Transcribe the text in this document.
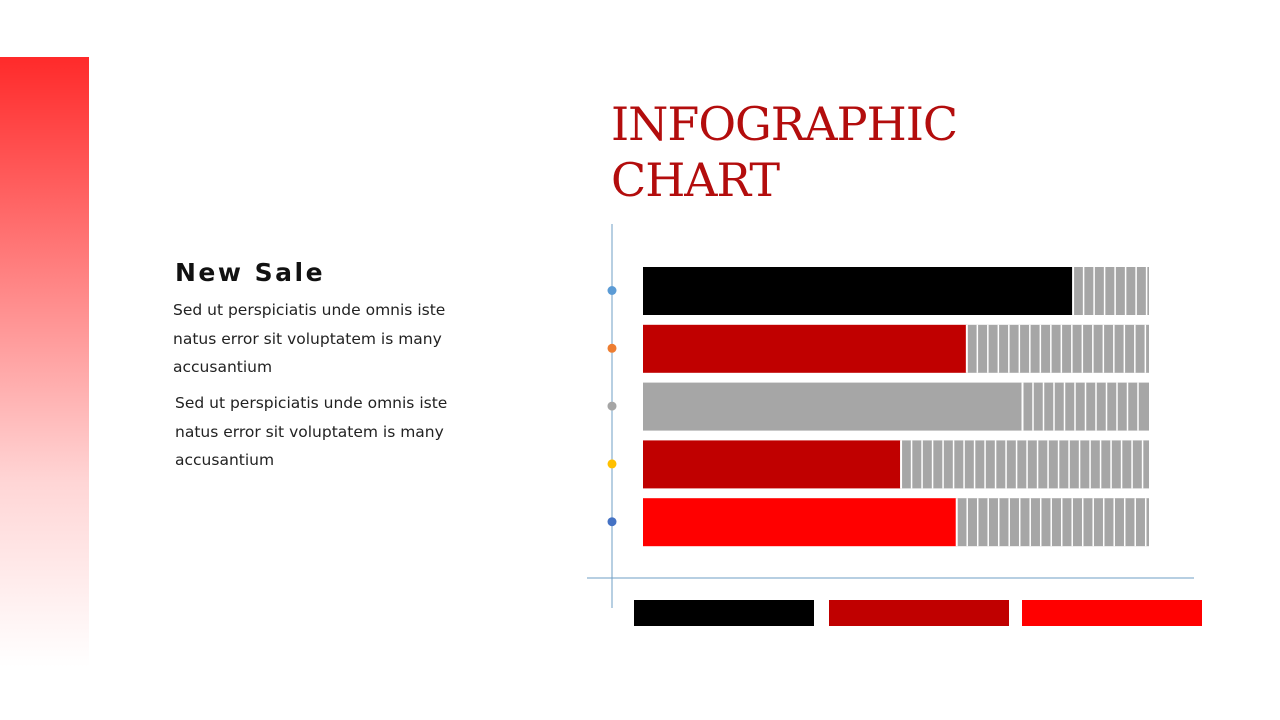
New Sale

Sed ut perspiciatis unde omnis iste natus error sit voluptatem is many accusantium

Sed ut perspiciatis unde omnis iste natus error sit voluptatem is many accusantium

INFOGRAPHIC
CHART
